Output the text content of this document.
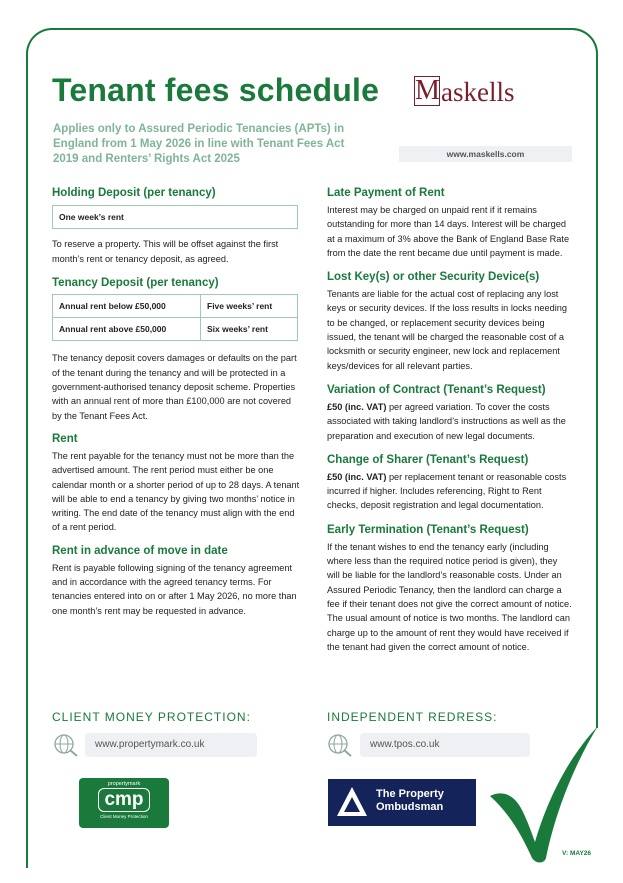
Tenant fees schedule
Applies only to Assured Periodic Tenancies (APTs) in England from 1 May 2026 in line with Tenant Fees Act 2019 and Renters’ Rights Act 2025
M askells
www.maskells.com
Holding Deposit (per tenancy)
One week’s rent

To reserve a property. This will be offset against the first month’s rent or tenancy deposit, as agreed.

Tenancy Deposit (per tenancy)
Annual rent below £50,000	Five weeks’ rent
Annual rent above £50,000	Six weeks’ rent

The tenancy deposit covers damages or defaults on the part of the tenant during the tenancy and will be protected in a government-authorised tenancy deposit scheme. Properties with an annual rent of more than £100,000 are not covered by the Tenant Fees Act.

Rent

The rent payable for the tenancy must not be more than the advertised amount. The rent period must either be one calendar month or a shorter period of up to 28 days. A tenant will be able to end a tenancy by giving two months’ notice in writing. The end date of the tenancy must align with the end of a rent period.

Rent in advance of move in date

Rent is payable following signing of the tenancy agreement and in accordance with the agreed tenancy terms. For tenancies entered into on or after 1 May 2026, no more than one month’s rent may be requested in advance.

Late Payment of Rent

Interest may be charged on unpaid rent if it remains outstanding for more than 14 days. Interest will be charged at a maximum of 3% above the Bank of England Base Rate from the date the rent became due until payment is made.

Lost Key(s) or other Security Device(s)

Tenants are liable for the actual cost of replacing any lost keys or security devices. If the loss results in locks needing to be changed, or replacement security devices being issued, the tenant will be charged the reasonable cost of a locksmith or security engineer, new lock and replacement keys/devices for all relevant parties.

Variation of Contract (Tenant’s Request)

£50 (inc. VAT) per agreed variation. To cover the costs associated with taking landlord’s instructions as well as the preparation and execution of new legal documents.

Change of Sharer (Tenant’s Request)

£50 (inc. VAT) per replacement tenant or reasonable costs incurred if higher. Includes referencing, Right to Rent checks, deposit registration and legal documentation.

Early Termination (Tenant’s Request)

If the tenant wishes to end the tenancy early (including where less than the required notice period is given), they will be liable for the landlord’s reasonable costs. Under an Assured Periodic Tenancy, then the landlord can charge a fee if their tenant does not give the correct amount of notice. The usual amount of notice is two months. The landlord can charge up to the amount of rent they would have received if the tenant had given the correct amount of notice.

CLIENT MONEY PROTECTION:	INDEPENDENT REDRESS:
www.propertymark.co.uk	www.tpos.co.uk
propertymark
cmp
Client Money Protection
The Property
Ombudsman
V: MAY26
